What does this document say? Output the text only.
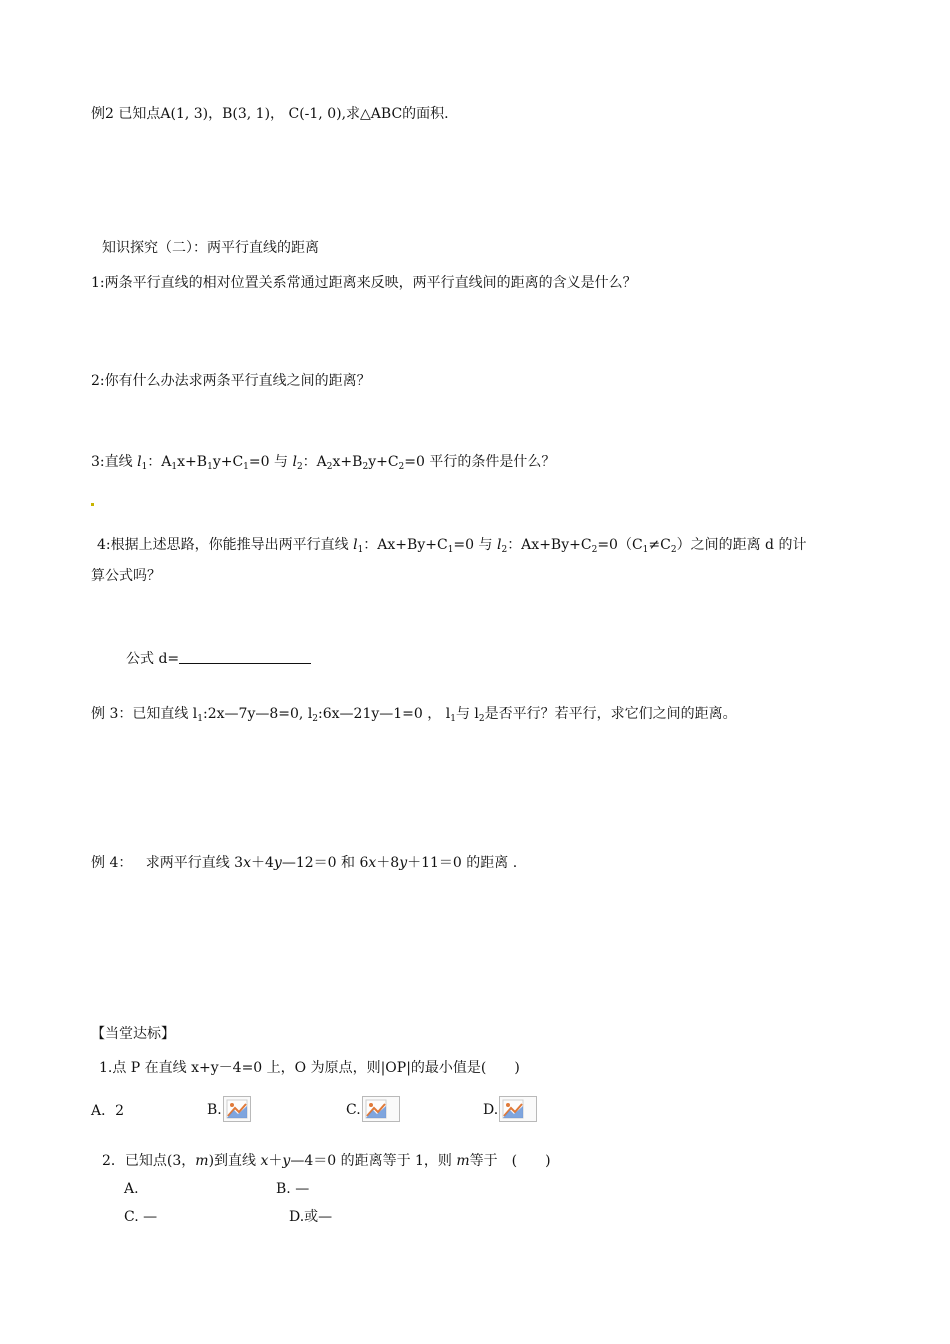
例2 已知点A(1, 3)，B(3, 1)， C(-1, 0),求△ABC的面积.
知识探究（二）：两平行直线的距离
1:两条平行直线的相对位置关系常通过距离来反映，两平行直线间的距离的含义是什么？
2:你有什么办法求两条平行直线之间的距离？
3:直线 $l_1$：$A_1x+B_1y+C_1=0$ 与 $l_2$：$A_2x+B_2y+C_2=0$ 平行的条件是什么？
4:根据上述思路，你能推导出两平行直线 $l_1$：$Ax+By+C_1=0$ 与 $l_2$：$Ax+By+C_2=0(C_1\ne C_2)$之间的距离 d 的计
算公式吗？
公式 d=
例 3：已知直线 $l_1:2x—7y—8=0$, $l_2:6x—21y—1=0$ ， $l_1$与 $l_2$是否平行？若平行，求它们之间的距离。
例 4： 求两平行直线 3x＋4y—12＝0 和 6x＋8y＋11＝0 的距离 .
【当堂达标】
1.点 P 在直线 x+y－4=0 上，O 为原点，则|OP|的最小值是(　　)
A．2	B.	C.	D.
2．已知点(3，m)到直线 x＋y—4＝0 的距离等于 1，则 m等于　(　　)
A.	B. —
C. —	D.或—
